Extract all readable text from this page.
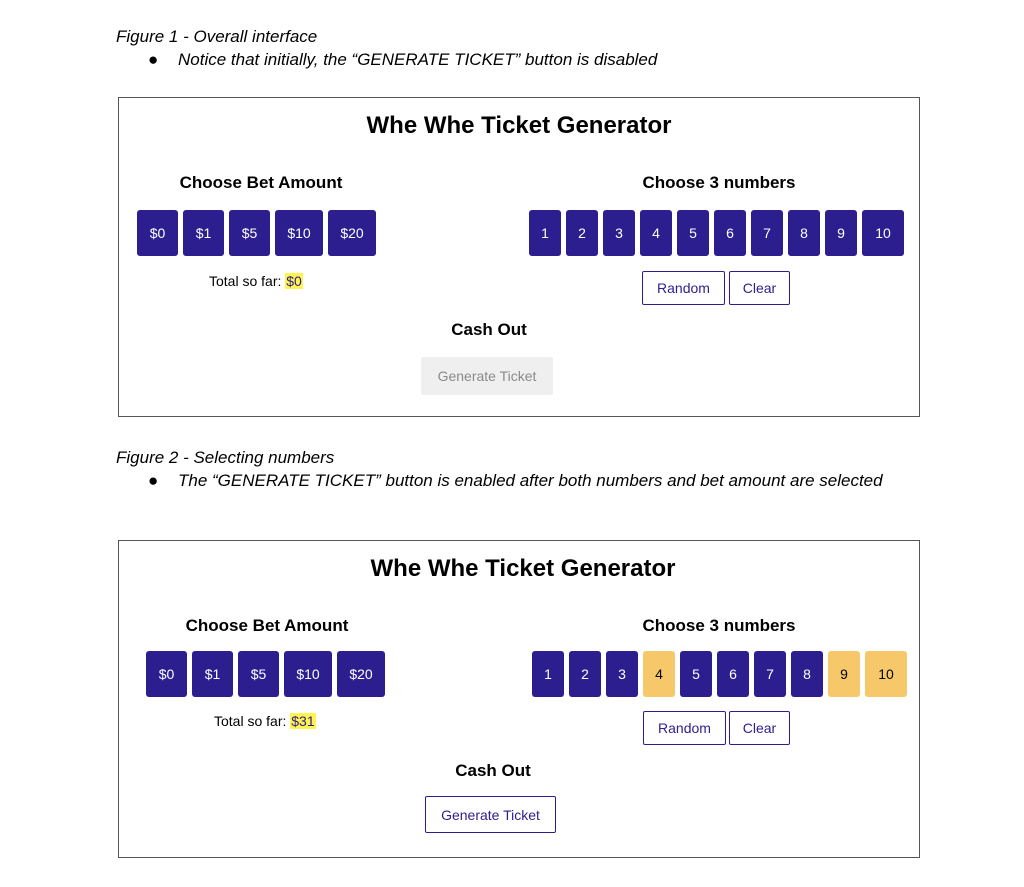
Figure 1 - Overall interface
● Notice that initially, the “GENERATE TICKET” button is disabled
Whe Whe Ticket Generator
Choose Bet Amount
$0	$1	$5	$10	$20
Total so far: $0
Choose 3 numbers
1	2	3	4	5	6	7	8	9	10
Random	Clear
Cash Out
Generate Ticket
Figure 2 - Selecting numbers
● The “GENERATE TICKET” button is enabled after both numbers and bet amount are selected
Whe Whe Ticket Generator
Choose Bet Amount
$0	$1	$5	$10	$20
Total so far: $31
Choose 3 numbers
1	2	3	4	5	6	7	8	9	10
Random	Clear
Cash Out
Generate Ticket
